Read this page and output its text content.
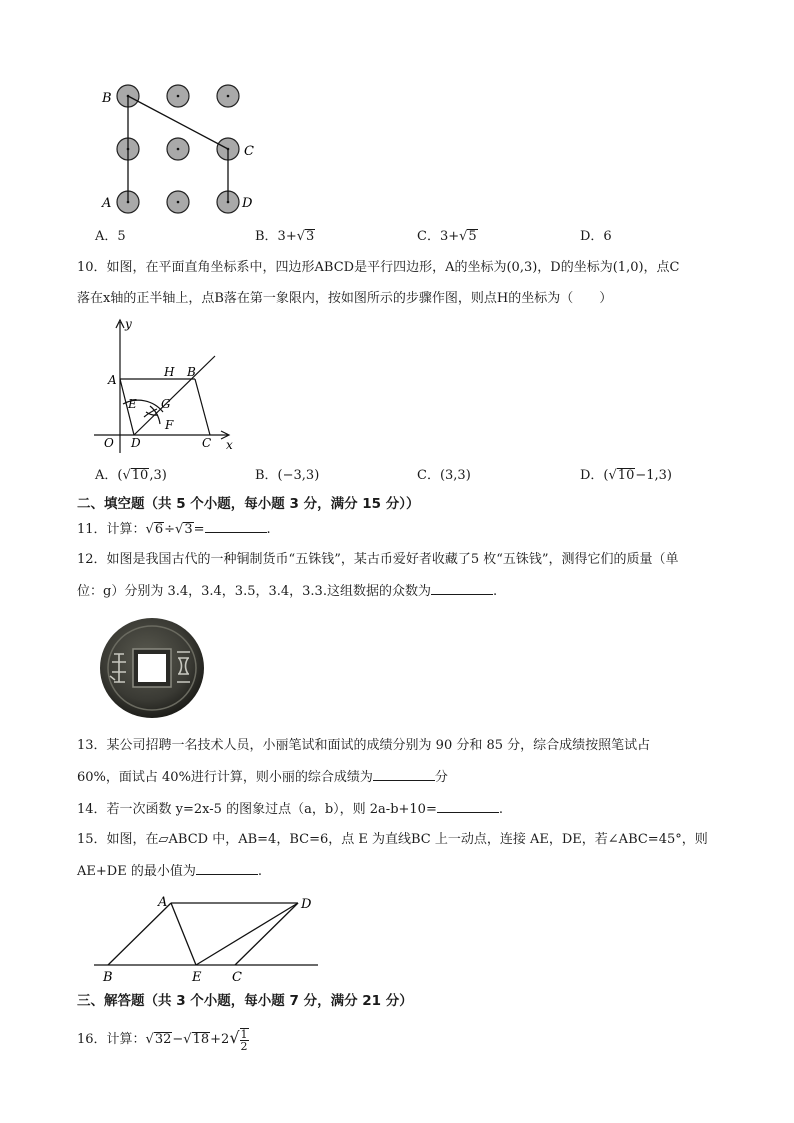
B
C
A	D
A．5	B．3+√3	C．3+√5	D．6
10．如图，在平面直角坐标系中，四边形ABCD是平行四边形，A的坐标为(0,3)，D的坐标为(1,0)，点C
落在x轴的正半轴上，点B落在第一象限内，按如图所示的步骤作图，则点H的坐标为（　　）
y
A
H B
E G
F
O D	C x
A．(√10,3)	B．(−3,3)	C．(3,3)	D．(√10−1,3)
二、填空题（共 5 个小题，每小题 3 分，满分 15 分））
11．计算：√6÷√3=	.
12．如图是我国古代的一种铜制货币“五铢钱”，某古币爱好者收藏了5 枚“五铢钱”，测得它们的质量（单
位：g）分别为 3.4，3.4，3.5，3.4，3.3.这组数据的众数为	.
13．某公司招聘一名技术人员，小丽笔试和面试的成绩分别为 90 分和 85 分，综合成绩按照笔试占
60%，面试占 40%进行计算，则小丽的综合成绩为	分
14．若一次函数 y=2x-5 的图象过点（a，b），则 2a-b+10=	.
15．如图，在▱ABCD 中，AB=4，BC=6，点 E 为直线BC 上一动点，连接 AE，DE，若∠ABC=45°，则
AE+DE 的最小值为	.
A	D
B	E C
三、解答题（共 3 个小题，每小题 7 分，满分 21 分）
16．计算：$√32-√18+2√ \frac{1}{2}$
